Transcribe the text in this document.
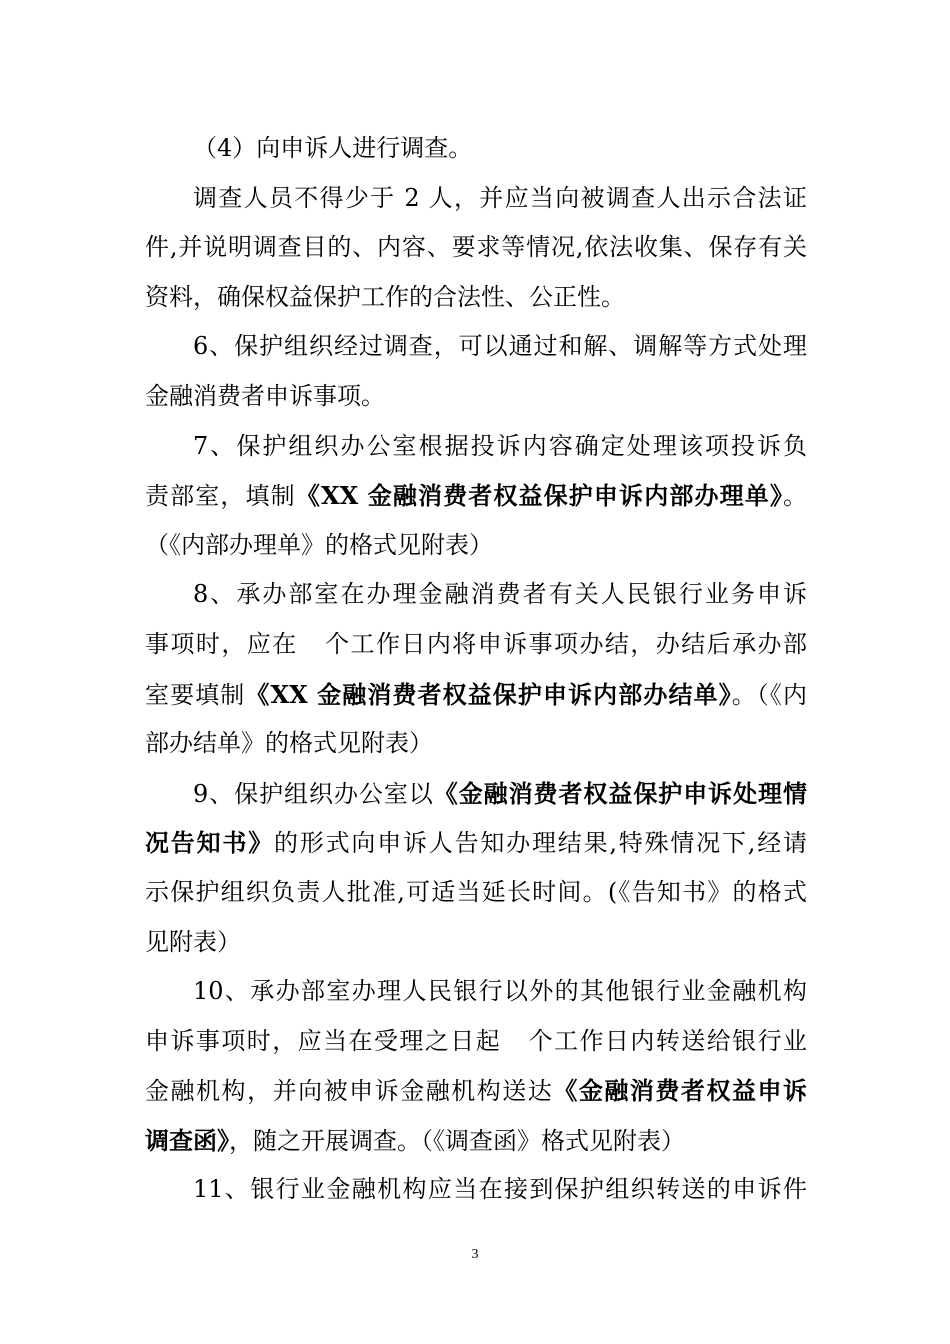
（4）向申诉人进行调查。
调查人员不得少于 2 人，并应当向被调查人出示合法证
件,并说明调查目的、内容、要求等情况,依法收集、保存有关
资料，确保权益保护工作的合法性、公正性。
6、保护组织经过调查，可以通过和解、调解等方式处理
金融消费者申诉事项。
7、保护组织办公室根据投诉内容确定处理该项投诉负
责部室，填制《XX 金融消费者权益保护申诉内部办理单》。
（《内部办理单》的格式见附表）
8、承办部室在办理金融消费者有关人民银行业务申诉
事项时，应在 个工作日内将申诉事项办结，办结后承办部
室要填制《XX 金融消费者权益保护申诉内部办结单》。（《内
部办结单》的格式见附表）
9、保护组织办公室以《金融消费者权益保护申诉处理情
况告知书》的形式向申诉人告知办理结果,特殊情况下,经请
示保护组织负责人批准,可适当延长时间。(《告知书》的格式
见附表）
10、承办部室办理人民银行以外的其他银行业金融机构
申诉事项时，应当在受理之日起 个工作日内转送给银行业
金融机构，并向被申诉金融机构送达《金融消费者权益申诉
调查函》，随之开展调查。（《调查函》格式见附表）
11、银行业金融机构应当在接到保护组织转送的申诉件
3
